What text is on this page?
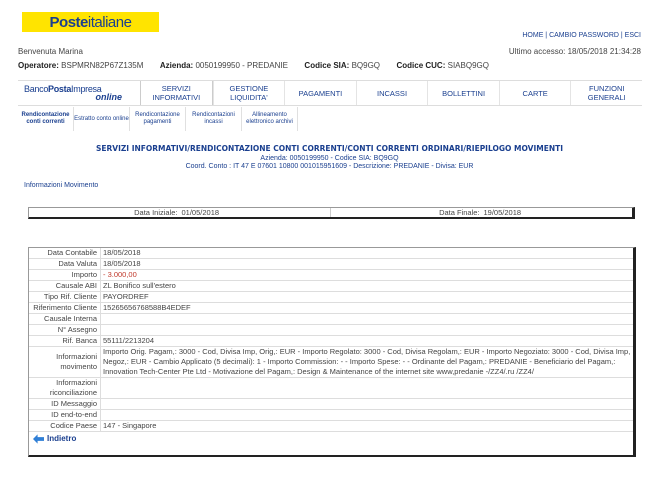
Posteitaliane
HOME | CAMBIO PASSWORD | ESCI
Benvenuta Marina	Ultimo accesso: 18/05/2018 21:34:28
Operatore: BSPMRN82P67Z135M Azienda: 0050199950 - PREDANIE Codice SIA: BQ9GQ Codice CUC: SIABQ9GQ
BancoPostaImpresa
online
SERVIZI INFORMATIVI
GESTIONE LIQUIDITA'	PAGAMENTI	INCASSI	BOLLETTINI	CARTE	FUNZIONI GENERALI
Rendicontazione conti correnti
Estratto conto online
Rendicontazione pagamenti
Rendicontazioni incassi
Allineamento elettronico archivi
SERVIZI INFORMATIVI/RENDICONTAZIONE CONTI CORRENTI/CONTI CORRENTI ORDINARI/RIEPILOGO MOVIMENTI
Azienda: 0050199950 - Codice SIA: BQ9GQ
Coord. Conto : IT 47 E 07601 10800 001015951609 - Descrizione: PREDANIE - Divisa: EUR
Informazioni Movimento
Data Iniziale: 01/05/2018	Data Finale: 19/05/2018
Data Contabile 18/05/2018
Data Valuta 18/05/2018
Importo - 3.000,00
Causale ABI ZL Bonifico sull'estero
Tipo Rif. Cliente PAYORDREF
Riferimento Cliente 15265656768588B4EDEF
Causale Interna
N° Assegno
Rif. Banca 55111/2213204
Informazioni movimento
Importo Orig. Pagam,: 3000 - Cod, Divisa Imp, Orig,: EUR - Importo Regolato: 3000 - Cod, Divisa Regolam,: EUR - Importo Negoziato: 3000 - Cod, Divisa Imp, Negoz,: EUR - Cambio Applicato (5 decimali): 1 - Importo Commission: - - Importo Spese: - - Ordinante del Pagam,: PREDANIE - Beneficiario del Pagam,: Innovation Tech-Center Pte Ltd - Motivazione del Pagam,: Design & Maintenance of the internet site www,predanie -/ZZ4/.ru /ZZ4/
Informazioni riconciliazione
ID Messaggio
ID end-to-end
Codice Paese 147 - Singapore
Indietro
